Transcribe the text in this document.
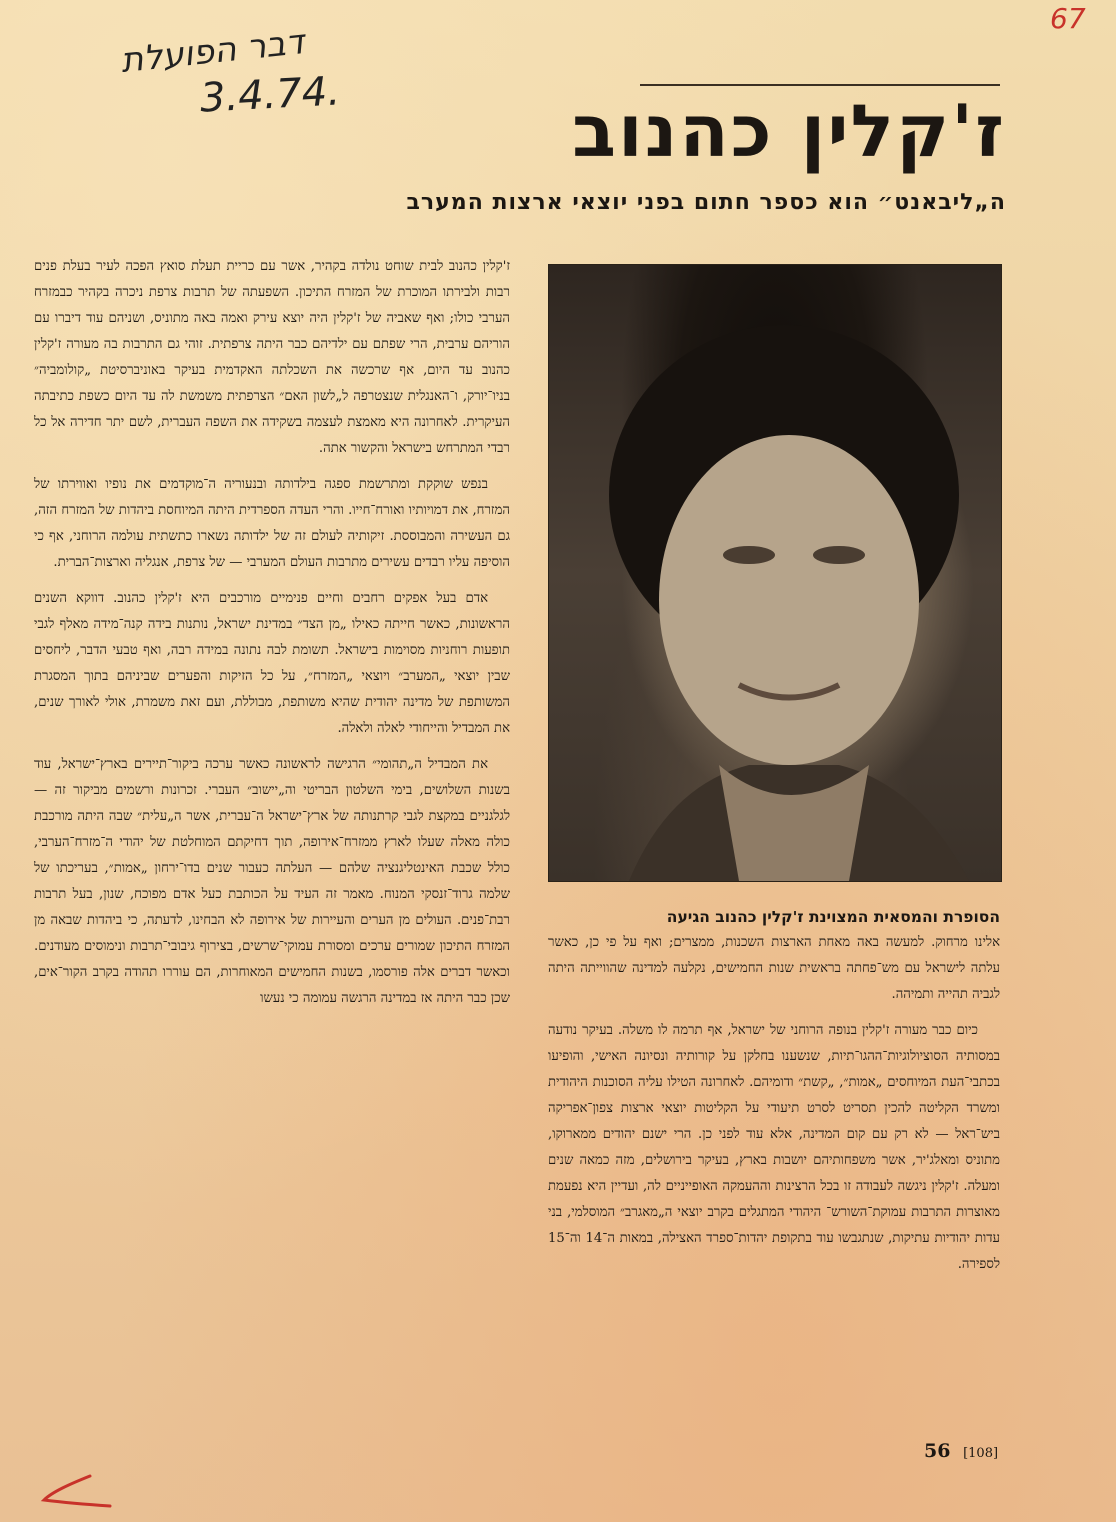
דבר הפועלת
3.4.74.
67
ז'קלין כהנוב
ה„ליבאנט״ הוא כספר חתום בפני יוצאי ארצות המערב
הסופרת והמסאית המצוינת ז'קלין כהנוב הגיעה

ז'קלין כהנוב לבית שוחט נולדה בקהיר, אשר עם כריית תעלת סואץ הפכה לעיר בעלת פנים רבות ולבירתו המוכרת של המזרח התיכון. השפעתה של תרבות צרפת ניכרה בקהיר כבמזרח הערבי כולו; ואף שאביה של ז'קלין היה יוצא עירק ואמה באה מתוניס, ושניהם עוד דיברו עם הוריהם ערבית, הרי שפתם עם ילדיהם כבר היתה צרפתית. זוהי גם התרבות בה מעורה ז'קלין כהנוב עד היום, אף שרכשה את השכלתה האקדמית בעיקר באוניברסיטת „קולומביה״ בניו־יורק, ו־האנגלית שנצטרפה ל„לשון האם״ הצרפתית משמשת לה עד היום כשפת כתיבתה העיקרית. לאחרונה היא מאמצת לעצמה בשקידה את השפה העברית, לשם יתר חדירה אל כל רבדי המתרחש בישראל והקשור אתה.

בנפש שוקקת ומתרשמת ספגה בילדותה ובנעוריה ה־מוקדמים את נופיו ואווירתו של המזרח, את דמויותיו ואורח־חייו. והרי העדה הספרדית היתה המיוחסת ביהדות של המזרח הזה, גם העשירה והמבוססת. זיקותיה לעולם זה של ילדותה נשארו כתשתית עולמה הרוחני, אף כי הוסיפה עליו רבדים עשירים מתרבות העולם המערבי — של צרפת, אנגליה וארצות־הברית.

אדם בעל אפקים רחבים וחיים פנימיים מורכבים היא ז'קלין כהנוב. דווקא השנים הראשונות, כאשר חייתה כאילו „מן הצד״ במדינת ישראל, נותנות בידה קנה־מידה מאלף לגבי תופעות רוחניות מסוימות בישראל. תשומת לבה נתונה במידה רבה, ואף טבעי הדבר, ליחסים שבין יוצאי „המערב״ ויוצאי „המזרח״, על כל הזיקות והפערים שביניהם בתוך המסגרת המשותפת של מדינה יהודית שהיא משותפת, מבוללת, ועם זאת משמרת, אולי לאורך שנים, את המבדיל והייחודי לאלה ולאלה.

את המבדיל ה„תהומי״ הרגישה לראשונה כאשר ערכה ביקור־תיירים בארץ־ישראל, עוד בשנות השלושים, בימי השלטון הבריטי וה„יישוב״ העברי. זכרונות ורשמים מביקור זה — לגלגניים במקצת לגבי קרתנותה של ארץ־ישראל ה־עברית, אשר ה„עלית״ שבה היתה מורכבת כולה מאלה שעלו לארץ ממזרח־אירופה, תוך דחיקתם המוחלטת של יהודי ה־מזרח־הערבי, כולל שכבת האינטליגנציה שלהם — העלתה כעבור שנים בדו־ירחון „אמות״, בעריכתו של שלמה גרוד־זנסקי המנוח. מאמר זה העיד על הכותבת כעל אדם מפוכח, שנון, בעל תרבות רבת־פנים. העולים מן הערים והעיירות של אירופה לא הבחינו, לדעתה, כי ביהדות שבאה מן המזרח התיכון שמורים ערכים ומסורת עמוקי־שרשים, בצירוף גיבובי־תרבות ונימוסים מעודנים. וכאשר דברים אלה פורסמו, בשנות החמישים המאוחרות, הם עוררו תהודה בקרב הקור־אים, שכן כבר היתה אז במדינה הרגשה עמומה כי נעשו

אלינו מרחוק. למעשה באה מאחת הארצות השכנות, ממצרים; ואף על פי כן, כאשר עלתה לישראל עם מש־פחתה בראשית שנות החמישים, נקלעה למדינה שהווייתה היתה לגביה תהייה ותמיהה.

כיום כבר מעורה ז'קלין בנופה הרוחני של ישראל, אף תרמה לו משלה. בעיקר נודעה במסותיה הסוציולוגיות־ההגו־תיות, שנשענו בחלקן על קורותיה ונסיונה האישי, והופיעו בכתבי־העת המיוחסים „אמות״, „קשת״ ודומיהם. לאחרונה הטילו עליה הסוכנות היהודית ומשרד הקליטה להכין תסריט לסרט תיעודי על הקליטות יוצאי ארצות צפון־אפריקה ביש־ראל — לא רק עם קום המדינה, אלא עוד לפני כן. הרי ישנם יהודים ממארוקו, מתוניס ומאלג'יר, אשר משפחותיהם יושבות בארץ, בעיקר בירושלים, מזה כמאה שנים ומעלה. ז'קלין ניגשה לעבודה זו בכל הרצינות וההעמקה האופייניים לה, ועדיין היא נפעמת מאוצרות התרבות עמוקת־השורש־ היהודי המתגלים בקרב יוצאי ה„מאגרב״ המוסלמי, בני עדות יהודיות עתיקות, שנתגבשו עוד בתקופת יהדות־ספרד האצילה, במאות ה־14 וה־15 לספירה.

56 [108]
